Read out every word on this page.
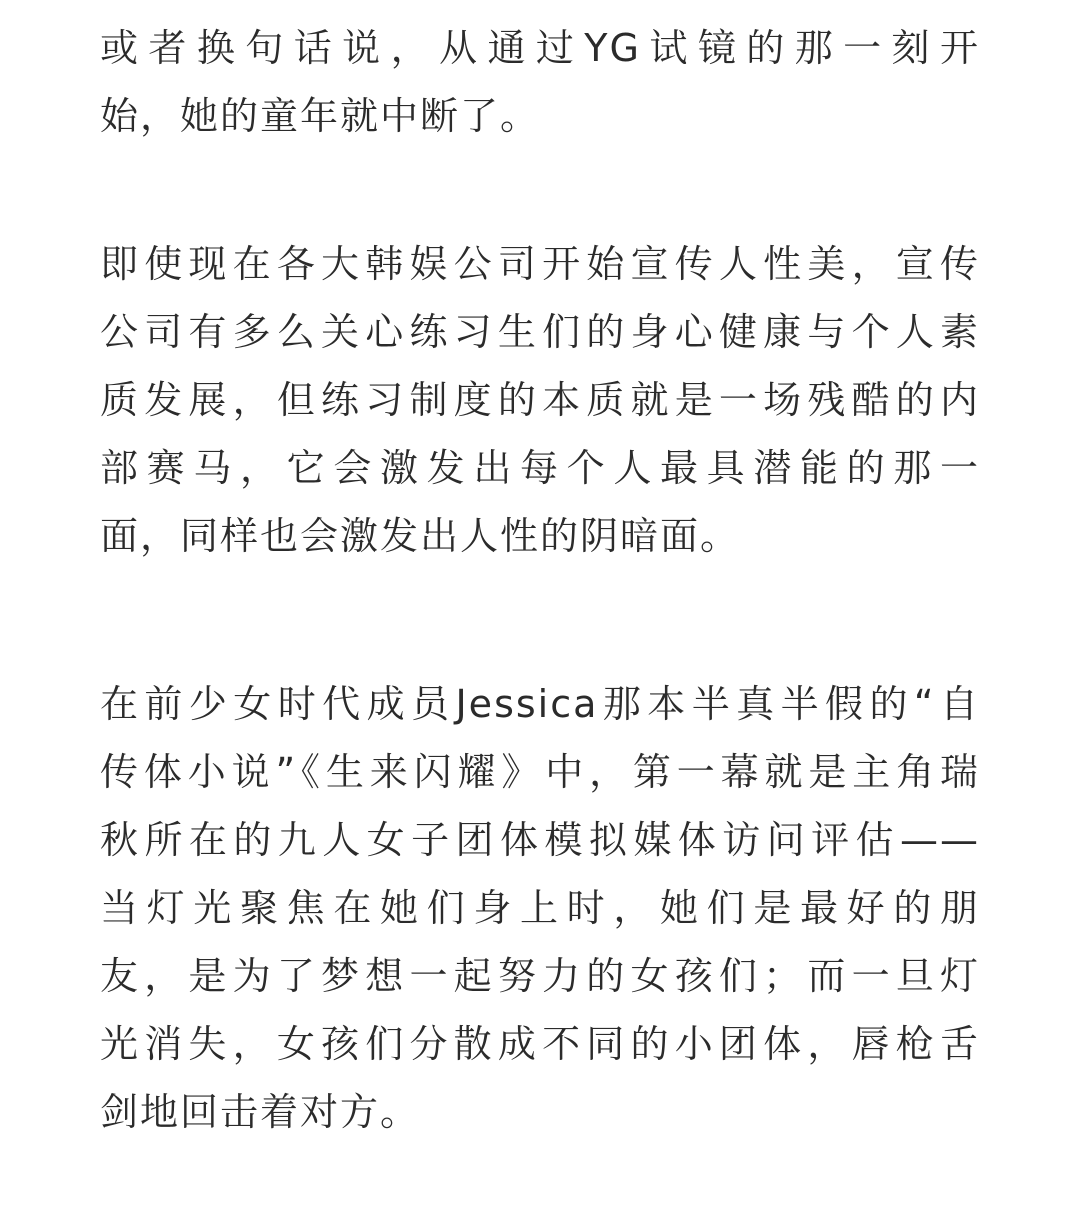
或者换句话说，从通过YG试镜的那一刻开
始，她的童年就中断了。
即使现在各大韩娱公司开始宣传人性美，宣传
公司有多么关心练习生们的身心健康与个人素
质发展，但练习制度的本质就是一场残酷的内
部赛马，它会激发出每个人最具潜能的那一
面，同样也会激发出人性的阴暗面。
在前少女时代成员Jessica那本半真半假的“自
传体小说”《生来闪耀》中，第一幕就是主角瑞
秋所在的九人女子团体模拟媒体访问评估——
当灯光聚焦在她们身上时，她们是最好的朋
友，是为了梦想一起努力的女孩们；而一旦灯
光消失，女孩们分散成不同的小团体，唇枪舌
剑地回击着对方。
